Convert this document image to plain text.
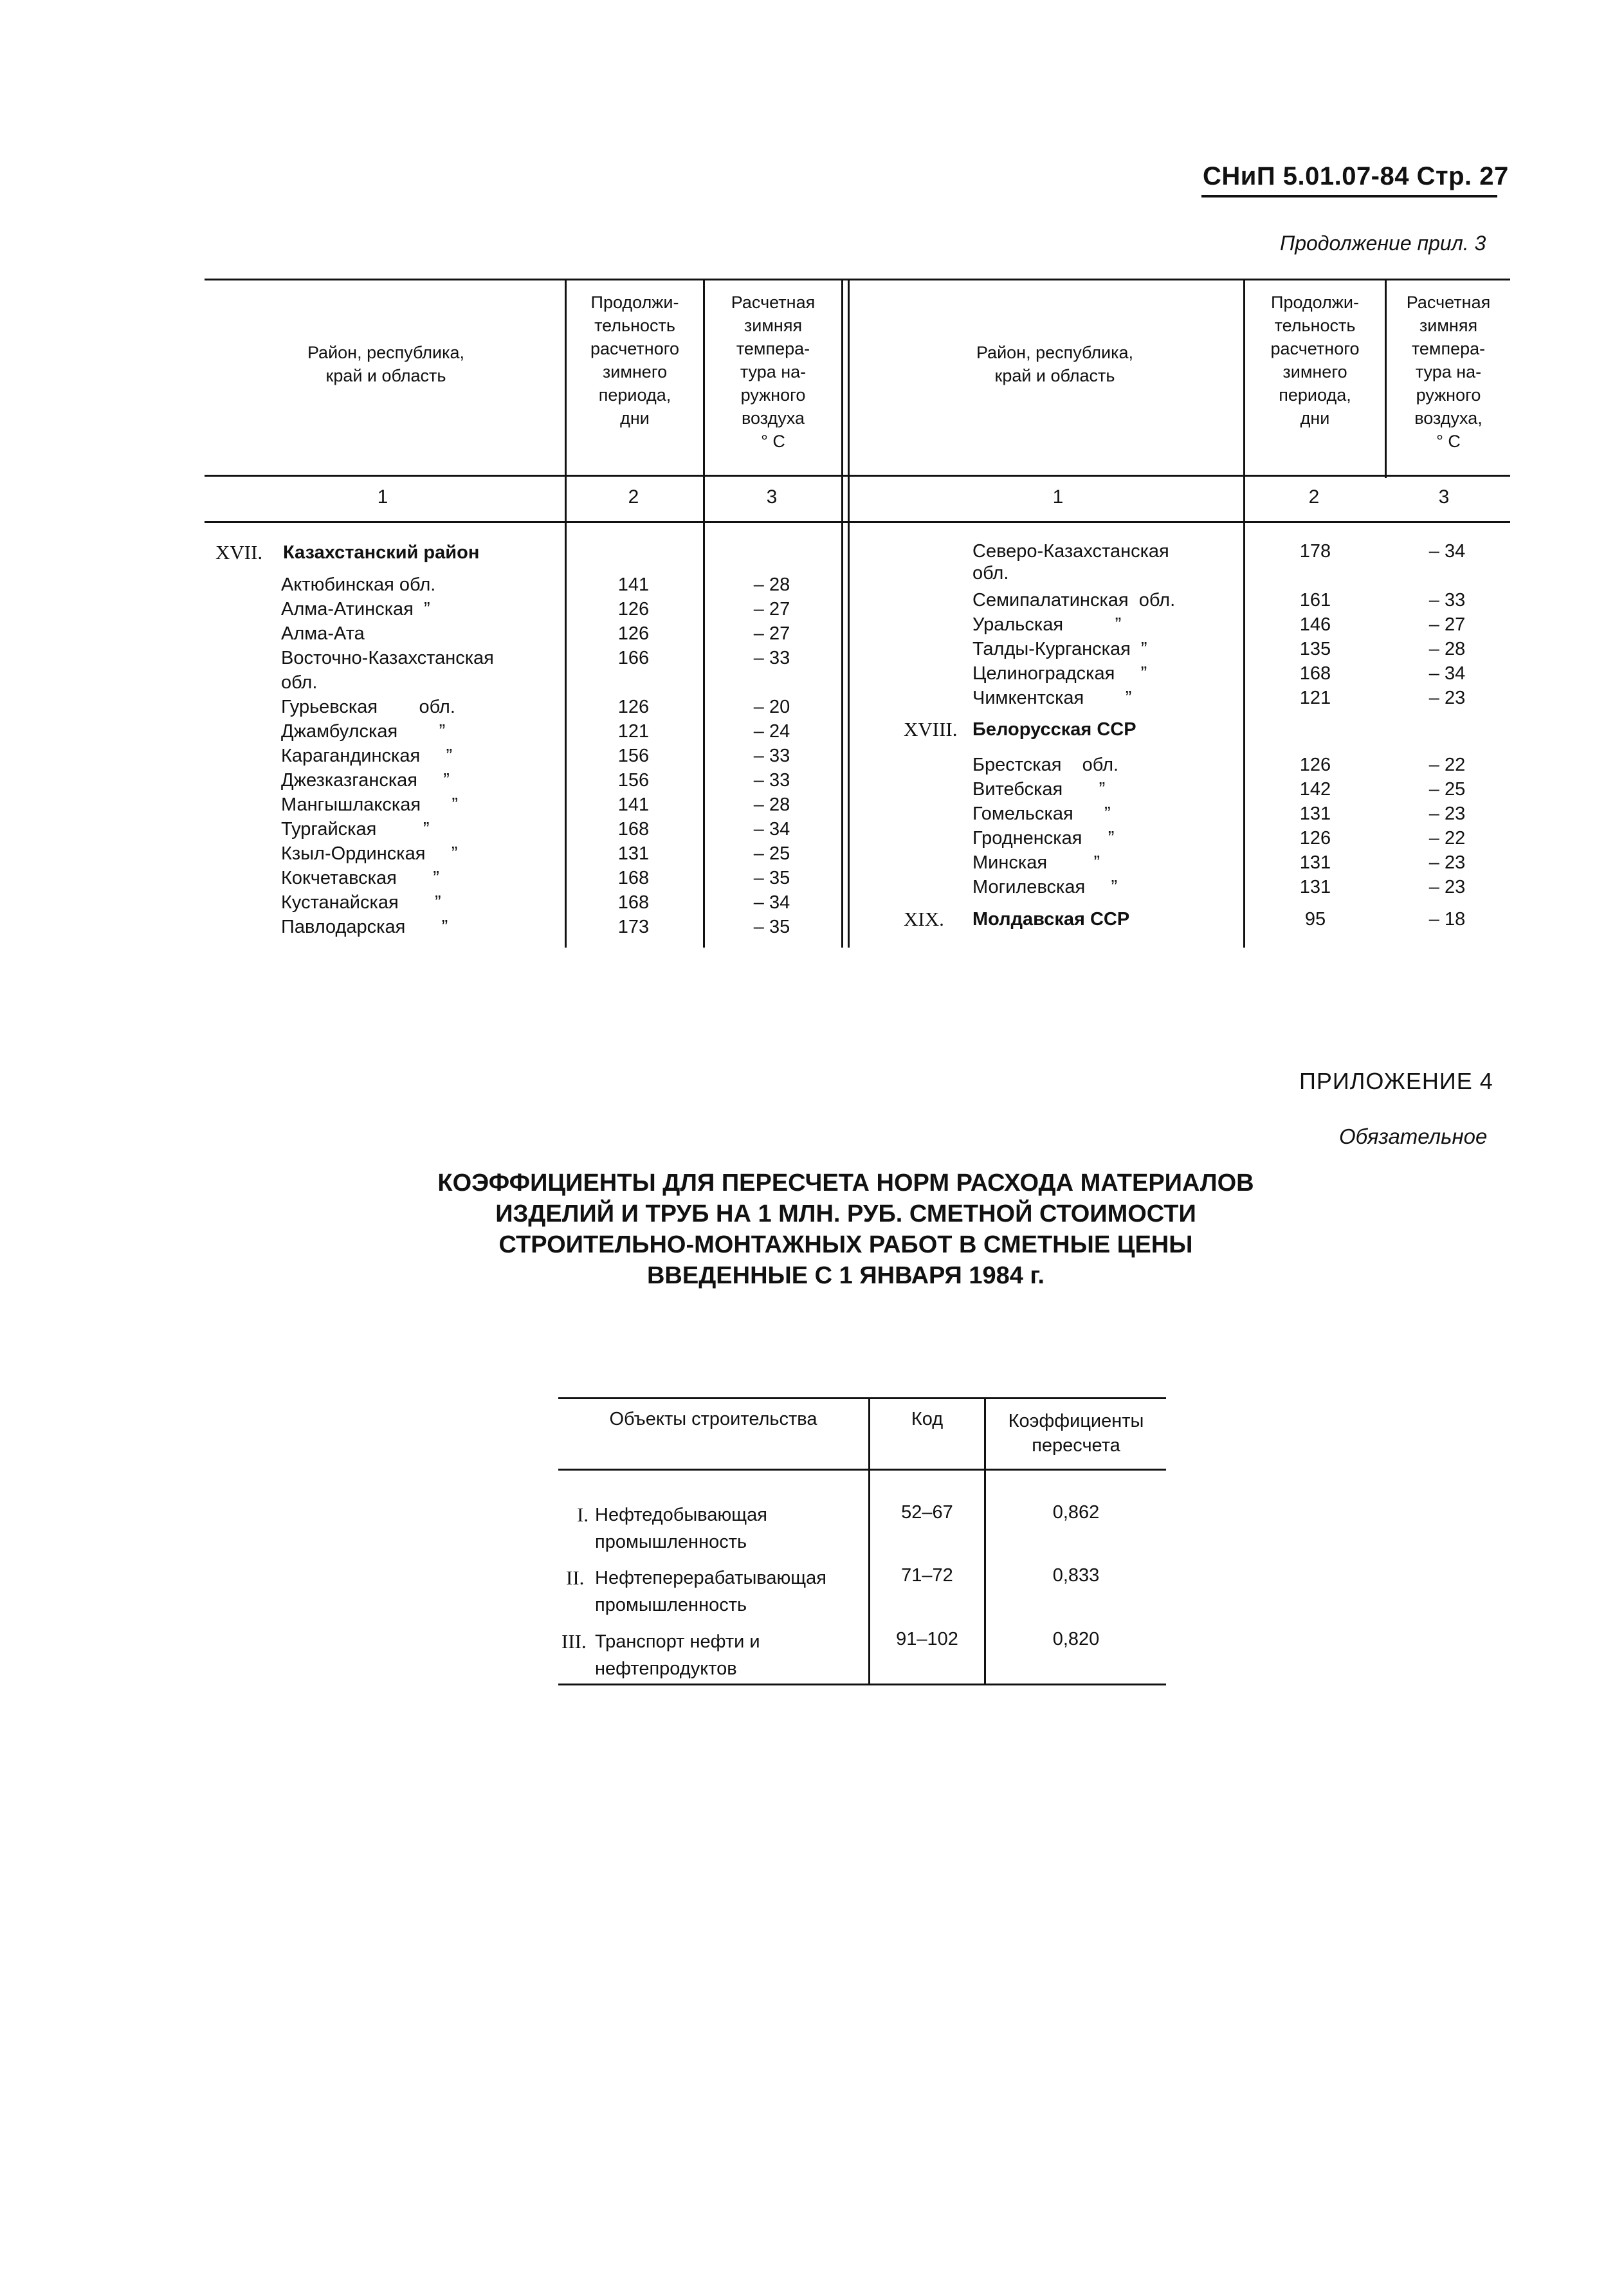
СНиП 5.01.07-84 Стр. 27
Продолжение прил. 3
Район, республика,
край и область
Продолжи-
тельность
расчетного
зимнего
периода,
дни
Расчетная
зимняя
темпера-
тура на-
ружного
воздуха
° С
Район, республика,
край и область
Продолжи-
тельность
расчетного
зимнего
периода,
дни
Расчетная
зимняя
темпера-
тура на-
ружного
воздуха,
° С
1	2	3	1	2	3
XVII. Казахстанский район
Актюбинская обл.	141	– 28
Алма-Атинская  ”	126	– 27
Алма-Ата	126	– 27
Восточно-Казахстанская	166	– 33
обл.
Гурьевская        обл.	126	– 20
Джамбулская        ”	121	– 24
Карагандинская     ”	156	– 33
Джезказганская     ”	156	– 33
Мангышлакская      ”	141	– 28
Тургайская         ”	168	– 34
Кзыл-Ординская     ”	131	– 25
Кокчетавская       ”	168	– 35
Кустанайская       ”	168	– 34
Павлодарская       ”	173	– 35
Северо-Казахстанская	178	– 34
обл.
Семипалатинская  обл.	161	– 33
Уральская          ”	146	– 27
Талды-Курганская  ”	135	– 28
Целиноградская     ”	168	– 34
Чимкентская        ”	121	– 23
XVIII. Белорусская ССР
Брестская    обл.	126	– 22
Витебская       ”	142	– 25
Гомельская      ”	131	– 23
Гродненская     ”	126	– 22
Минская         ”	131	– 23
Могилевская     ”	131	– 23
XIX. Молдавская ССР	95	– 18
ПРИЛОЖЕНИЕ 4
Обязательное
КОЭФФИЦИЕНТЫ ДЛЯ ПЕРЕСЧЕТА НОРМ РАСХОДА МАТЕРИАЛОВ
ИЗДЕЛИЙ И ТРУБ НА 1 МЛН. РУБ. СМЕТНОЙ СТОИМОСТИ
СТРОИТЕЛЬНО-МОНТАЖНЫХ РАБОТ В СМЕТНЫЕ ЦЕНЫ
ВВЕДЕННЫЕ С 1 ЯНВАРЯ 1984 г.
Объекты строительства	Код	Коэффициенты
пересчета
I. Нефтедобывающая
промышленность
52–67	0,862
II. Нефтеперерабатывающая
промышленность
71–72	0,833
III. Транспорт нефти и
нефтепродуктов
91–102	0,820
